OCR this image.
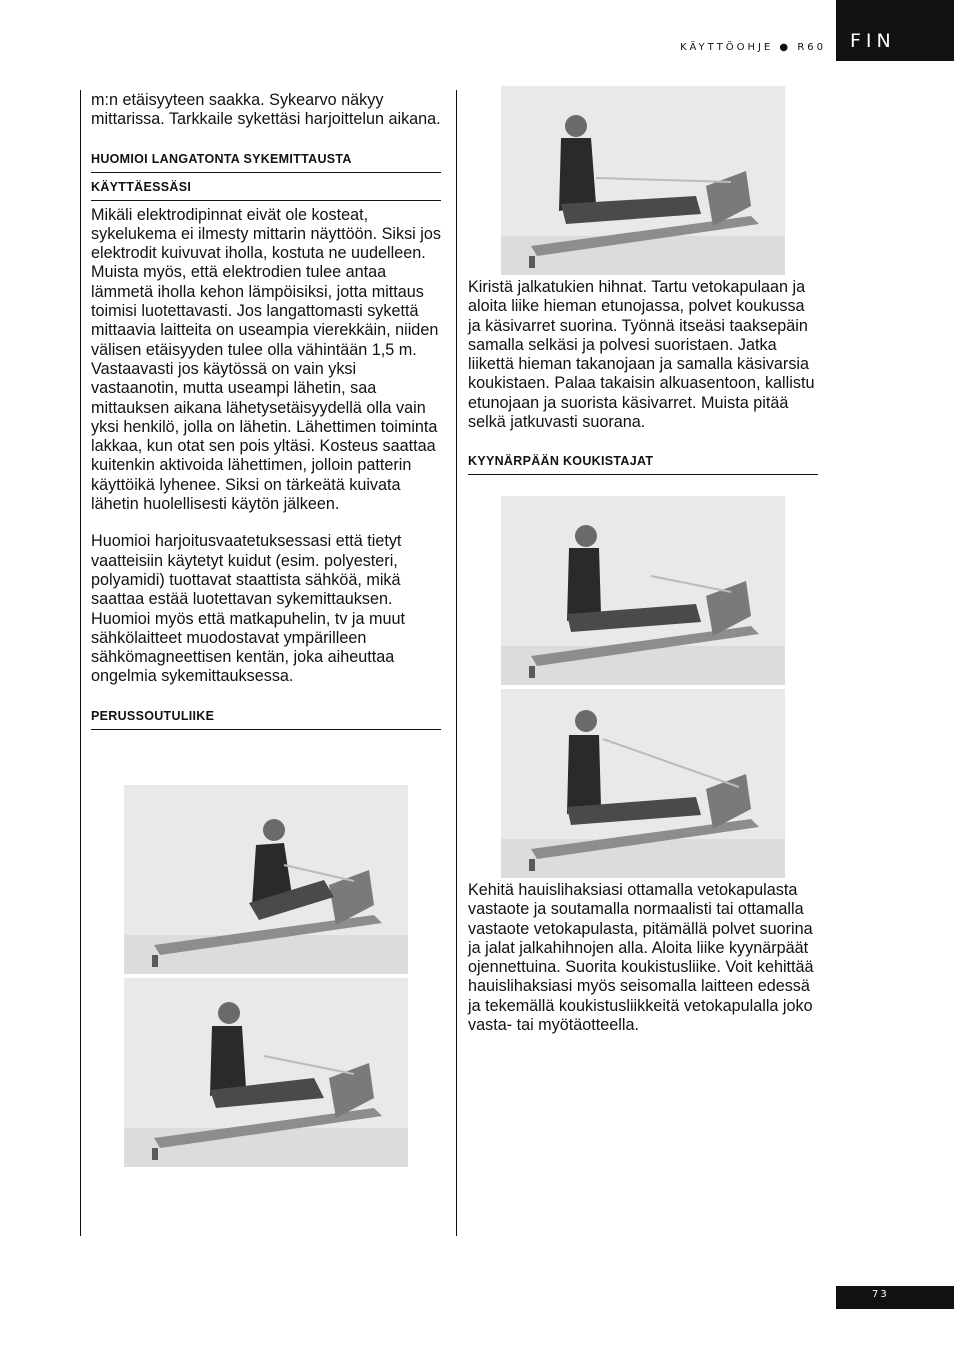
KÄYTTÖOHJE ● R60 FIN

m:n etäisyyteen saakka. Sykearvo näkyy mittarissa. Tarkkaile sykettäsi harjoittelun aikana.

HUOMIOI LANGATONTA SYKEMITTAUSTA
KÄYTTÄESSÄSI

Mikäli elektrodipinnat eivät ole kosteat, sykelukema ei ilmesty mittarin näyttöön. Siksi jos elektrodit kuivuvat iholla, kostuta ne uudelleen. Muista myös, että elektrodien tulee antaa lämmetä iholla kehon lämpöisiksi, jotta mittaus toimisi luotettavasti. Jos langattomasti sykettä mittaavia laitteita on useampia vierekkäin, niiden välisen etäisyyden tulee olla vähintään 1,5 m. Vastaavasti jos käytössä on vain yksi vastaanotin, mutta useampi lähetin, saa mittauksen aikana lähetysetäisyydellä olla vain yksi henkilö, jolla on lähetin. Lähettimen toiminta lakkaa, kun otat sen pois yltäsi. Kosteus saattaa kuitenkin aktivoida lähettimen, jolloin patterin käyttöikä lyhenee. Siksi on tärkeätä kuivata lähetin huolellisesti käytön jälkeen.

Huomioi harjoitusvaatetuksessasi että tietyt vaatteisiin käytetyt kuidut (esim. polyesteri, polyamidi) tuottavat staattista sähköä, mikä saattaa estää luotettavan sykemittauksen. Huomioi myös että matkapuhelin, tv ja muut sähkölaitteet muodostavat ympärilleen sähkömagneettisen kentän, joka aiheuttaa ongelmia sykemittauksessa.

PERUSSOUTULIIKE

Kiristä jalkatukien hihnat. Tartu vetokapulaan ja aloita liike hieman etunojassa, polvet koukussa ja käsivarret suorina. Työnnä itseäsi taaksepäin samalla selkäsi ja polvesi suoristaen. Jatka liikettä hieman takanojaan ja samalla käsivarsia koukistaen. Palaa takaisin alkuasentoon, kallistu etunojaan ja suorista käsivarret. Muista pitää selkä jatkuvasti suorana.

KYYNÄRPÄÄN KOUKISTAJAT

Kehitä hauislihaksiasi ottamalla vetokapulasta vastaote ja soutamalla normaalisti tai ottamalla vastaote vetokapulasta, pitämällä polvet suorina ja jalat jalkahihnojen alla. Aloita liike kyynärpäät ojennettuina. Suorita koukistusliike. Voit kehittää hauislihaksiasi myös seisomalla laitteen edessä ja tekemällä koukistusliikkeitä vetokapulalla joko vasta- tai myötäotteella.

73
